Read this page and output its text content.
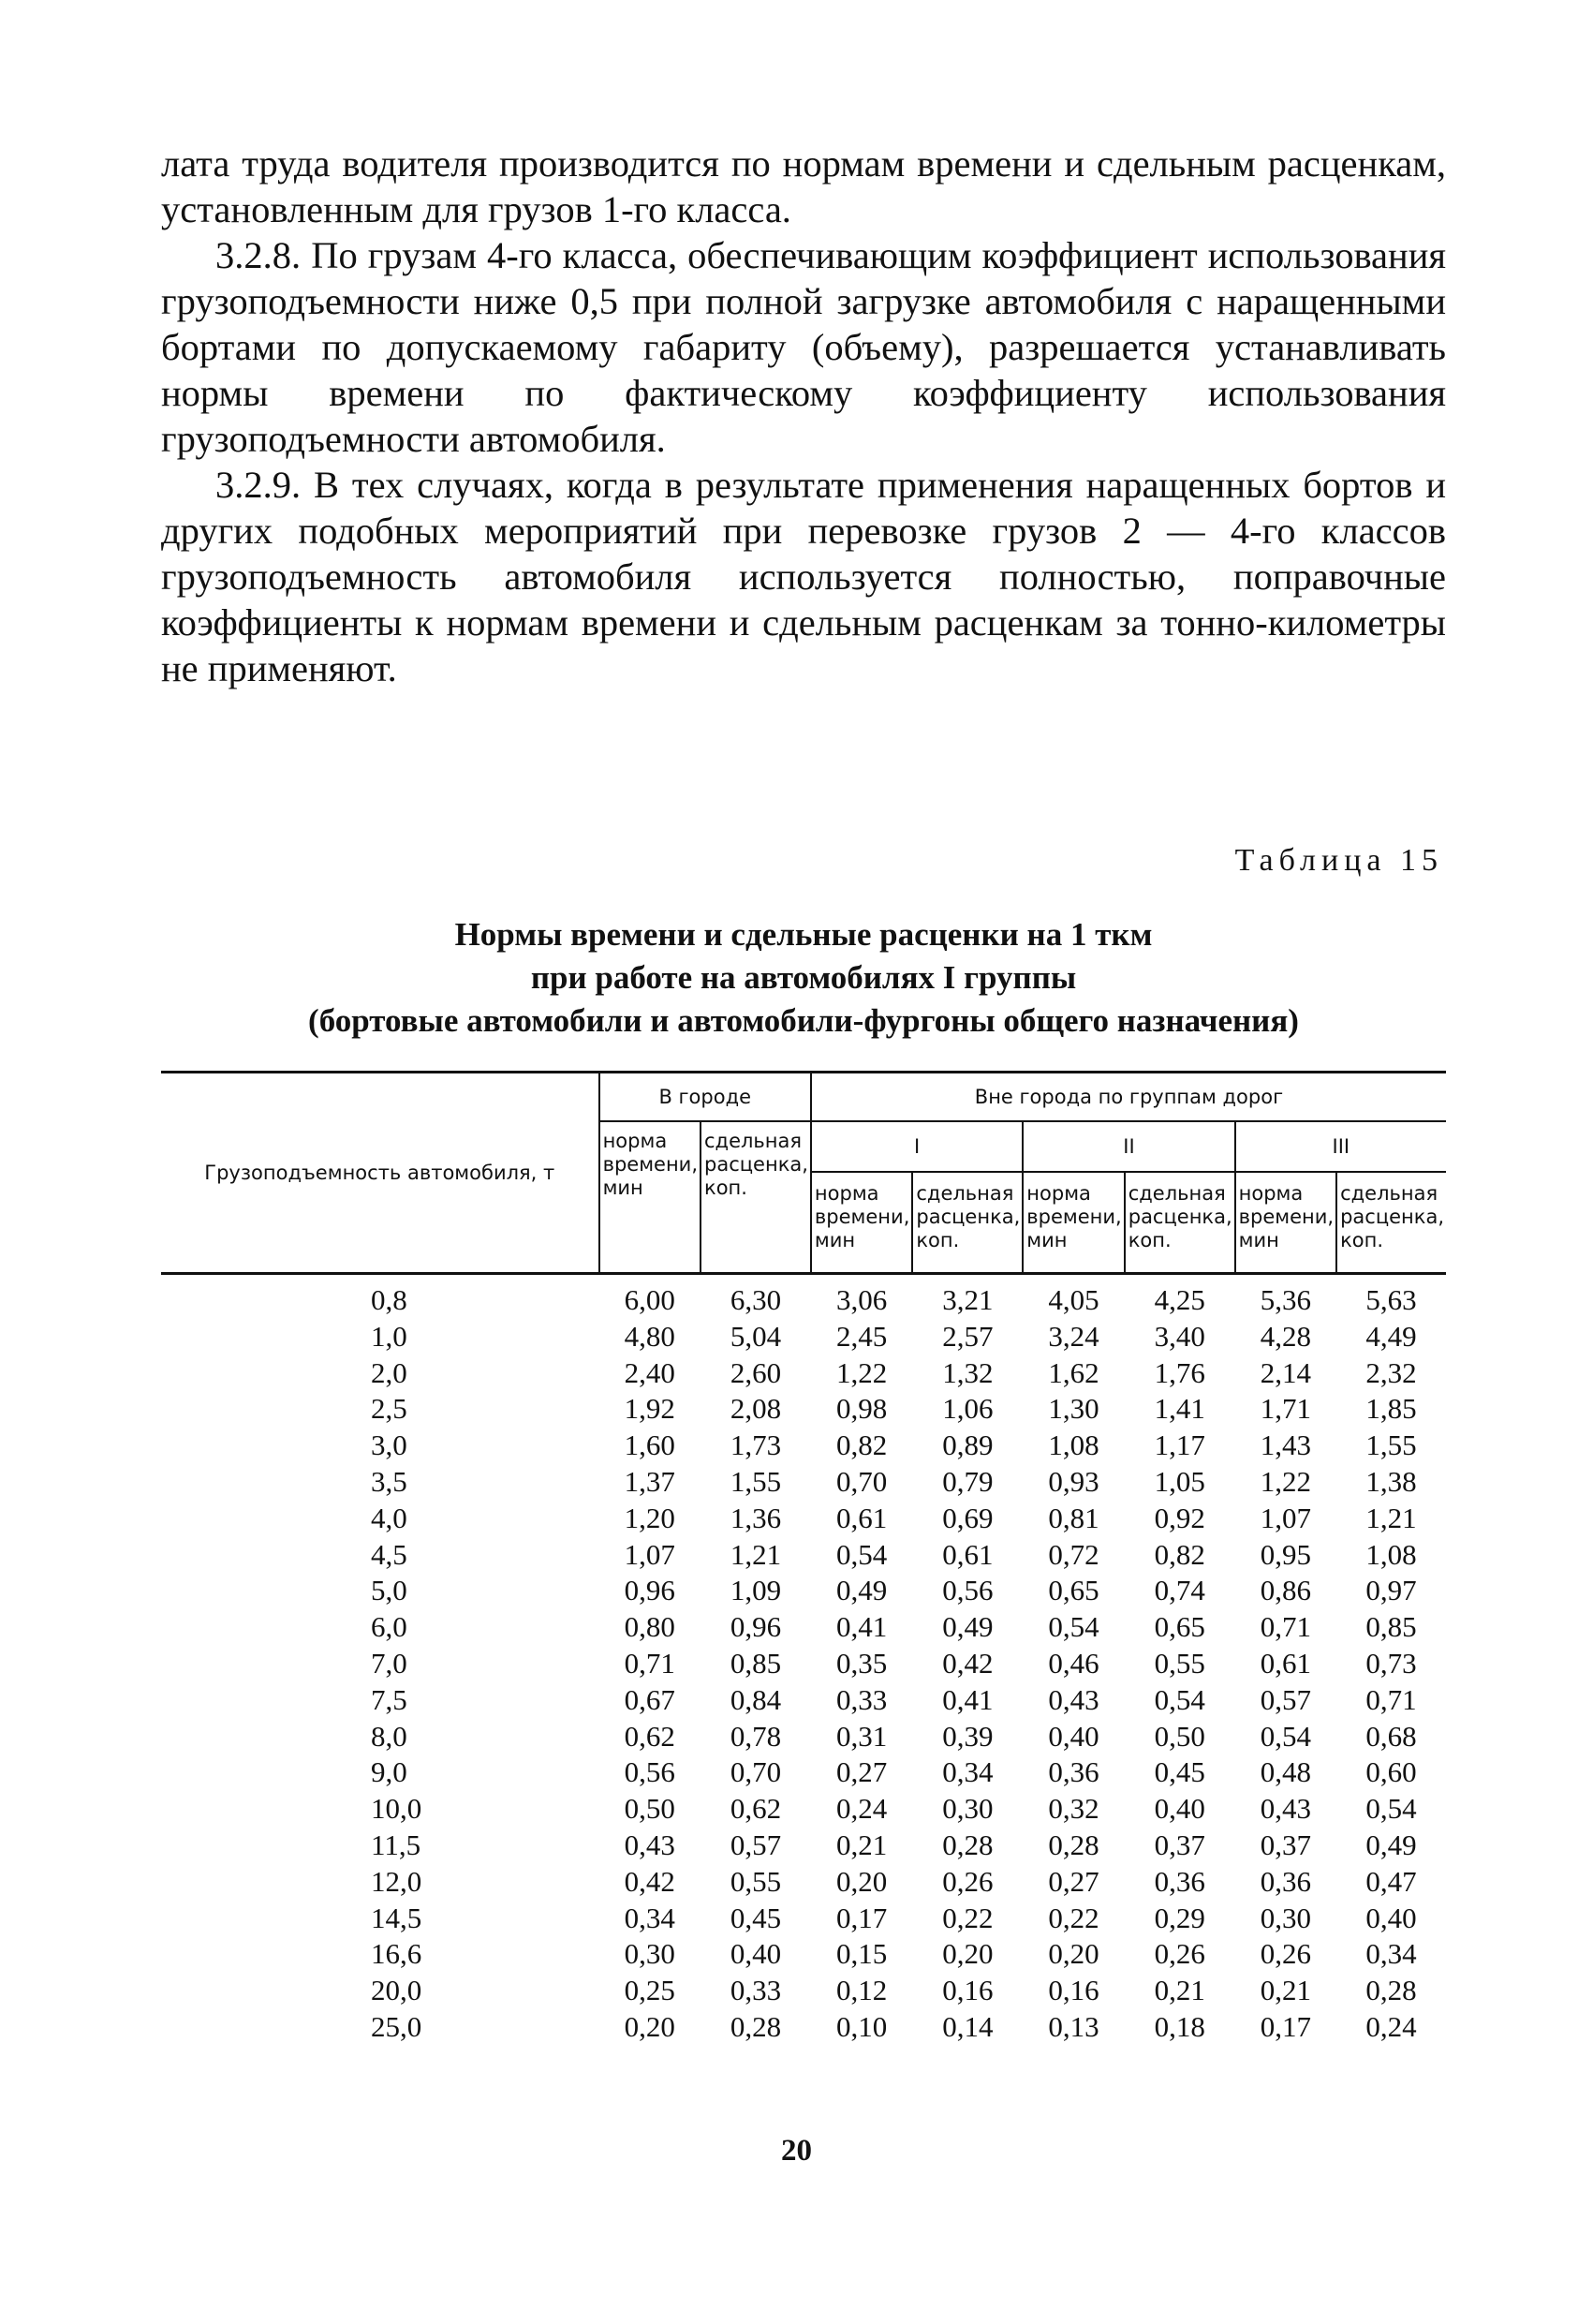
лата труда водителя производится по нормам времени и сдельным расценкам, установленным для грузов 1-го класса.

3.2.8. По грузам 4-го класса, обеспечивающим коэффициент использования грузоподъемности ниже 0,5 при полной загрузке автомобиля с наращенными бортами по допускаемому габариту (объему), разрешается устанавливать нормы времени по фактическому коэффициенту использования грузоподъемности автомобиля.

3.2.9. В тех случаях, когда в результате применения наращенных бортов и других подобных мероприятий при перевозке грузов 2 — 4-го классов грузоподъемность автомобиля используется полностью, поправочные коэффициенты к нормам времени и сдельным расценкам за тонно-километры не применяют.

Таблица 15
Нормы времени и сдельные расценки на 1 ткм
при работе на автомобилях I группы
(бортовые автомобили и автомобили-фургоны общего назначения)
Грузоподъемность автомобиля, т	В городе		Вне города по группам дорог					
	норма времени, мин	сдельная расценка, коп.	I		II		III	
			норма времени, мин	сдельная расценка, коп.	норма времени, мин	сдельная расценка, коп.	норма времени, мин	сдельная расценка, коп.
0,8	6,00	6,30	3,06	3,21	4,05	4,25	5,36	5,63
1,0	4,80	5,04	2,45	2,57	3,24	3,40	4,28	4,49
2,0	2,40	2,60	1,22	1,32	1,62	1,76	2,14	2,32
2,5	1,92	2,08	0,98	1,06	1,30	1,41	1,71	1,85
3,0	1,60	1,73	0,82	0,89	1,08	1,17	1,43	1,55
3,5	1,37	1,55	0,70	0,79	0,93	1,05	1,22	1,38
4,0	1,20	1,36	0,61	0,69	0,81	0,92	1,07	1,21
4,5	1,07	1,21	0,54	0,61	0,72	0,82	0,95	1,08
5,0	0,96	1,09	0,49	0,56	0,65	0,74	0,86	0,97
6,0	0,80	0,96	0,41	0,49	0,54	0,65	0,71	0,85
7,0	0,71	0,85	0,35	0,42	0,46	0,55	0,61	0,73
7,5	0,67	0,84	0,33	0,41	0,43	0,54	0,57	0,71
8,0	0,62	0,78	0,31	0,39	0,40	0,50	0,54	0,68
9,0	0,56	0,70	0,27	0,34	0,36	0,45	0,48	0,60
10,0	0,50	0,62	0,24	0,30	0,32	0,40	0,43	0,54
11,5	0,43	0,57	0,21	0,28	0,28	0,37	0,37	0,49
12,0	0,42	0,55	0,20	0,26	0,27	0,36	0,36	0,47
14,5	0,34	0,45	0,17	0,22	0,22	0,29	0,30	0,40
16,6	0,30	0,40	0,15	0,20	0,20	0,26	0,26	0,34
20,0	0,25	0,33	0,12	0,16	0,16	0,21	0,21	0,28
25,0	0,20	0,28	0,10	0,14	0,13	0,18	0,17	0,24
20
